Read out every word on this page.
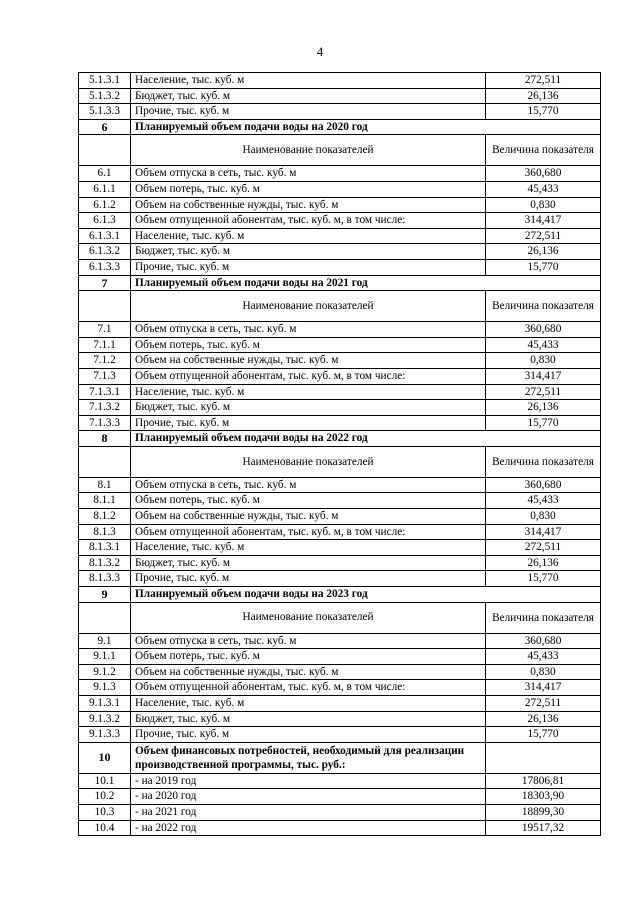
4
5.1.3.1	Население, тыс. куб. м	272,511
5.1.3.2	Бюджет, тыс. куб. м	26,136
5.1.3.3	Прочие, тыс. куб. м	15,770
6	Планируемый объем подачи воды на 2020 год	
	Наименование показателей	Величина показателя
6.1	Объем отпуска в сеть, тыс. куб. м	360,680
6.1.1	Объем потерь, тыс. куб. м	45,433
6.1.2	Объем на собственные нужды, тыс. куб. м	0,830
6.1.3	Объем отпущенной абонентам, тыс. куб. м, в том числе:	314,417
6.1.3.1	Население, тыс. куб. м	272,511
6.1.3.2	Бюджет, тыс. куб. м	26,136
6.1.3.3	Прочие, тыс. куб. м	15,770
7	Планируемый объем подачи воды на 2021 год	
	Наименование показателей	Величина показателя
7.1	Объем отпуска в сеть, тыс. куб. м	360,680
7.1.1	Объем потерь, тыс. куб. м	45,433
7.1.2	Объем на собственные нужды, тыс. куб. м	0,830
7.1.3	Объем отпущенной абонентам, тыс. куб. м, в том числе:	314,417
7.1.3.1	Население, тыс. куб. м	272,511
7.1.3.2	Бюджет, тыс. куб. м	26,136
7.1.3.3	Прочие, тыс. куб. м	15,770
8	Планируемый объем подачи воды на 2022 год	
	Наименование показателей	Величина показателя
8.1	Объем отпуска в сеть, тыс. куб. м	360,680
8.1.1	Объем потерь, тыс. куб. м	45,433
8.1.2	Объем на собственные нужды, тыс. куб. м	0,830
8.1.3	Объем отпущенной абонентам, тыс. куб. м, в том числе:	314,417
8.1.3.1	Население, тыс. куб. м	272,511
8.1.3.2	Бюджет, тыс. куб. м	26,136
8.1.3.3	Прочие, тыс. куб. м	15,770
9	Планируемый объем подачи воды на 2023 год	
	Наименование показателей	Величина показателя
9.1	Объем отпуска в сеть, тыс. куб. м	360,680
9.1.1	Объем потерь, тыс. куб. м	45,433
9.1.2	Объем на собственные нужды, тыс. куб. м	0,830
9.1.3	Объем отпущенной абонентам, тыс. куб. м, в том числе:	314,417
9.1.3.1	Население, тыс. куб. м	272,511
9.1.3.2	Бюджет, тыс. куб. м	26,136
9.1.3.3	Прочие, тыс. куб. м	15,770
10	Объем финансовых потребностей, необходимый для реализации производственной программы, тыс. руб.:	
10.1	- на 2019 год	17806,81
10.2	- на 2020 год	18303,90
10.3	- на 2021 год	18899,30
10.4	- на 2022 год	19517,32
